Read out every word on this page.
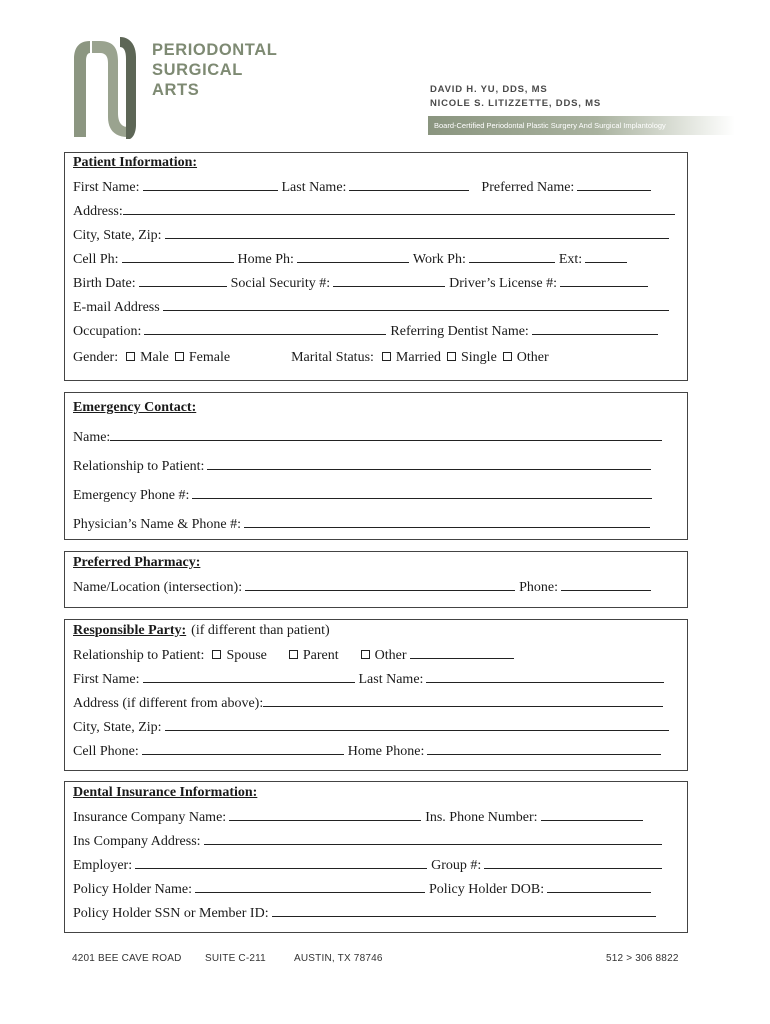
PERIODONTAL
SURGICAL
ARTS	DAVID H. YU, DDS, MS
NICOLE S. LITIZZETTE, DDS, MS
Board-Certified Periodontal Plastic Surgery And Surgical Implantology
Patient Information:
First Name:	Last Name:	Preferred Name:
Address:
City, State, Zip:
Cell Ph:	Home Ph:	Work Ph:	Ext:
Birth Date:	Social Security #:	Driver’s License #:
E-mail Address
Occupation:	Referring Dentist Name:
Gender: Male Female	Marital Status: Married Single Other
Emergency Contact:
Name:
Relationship to Patient:
Emergency Phone #:
Physician’s Name & Phone #:
Preferred Pharmacy:
Name/Location (intersection):	Phone:
Responsible Party: (if different than patient)
Relationship to Patient: Spouse	Parent	Other
First Name:	Last Name:
Address (if different from above):
City, State, Zip:
Cell Phone:	Home Phone:
Dental Insurance Information:
Insurance Company Name:	Ins. Phone Number:
Ins Company Address:
Employer:	Group #:
Policy Holder Name:	Policy Holder DOB:
Policy Holder SSN or Member ID:
4201 BEE CAVE ROAD SUITE C-211	AUSTIN, TX 78746	512 > 306 8822
